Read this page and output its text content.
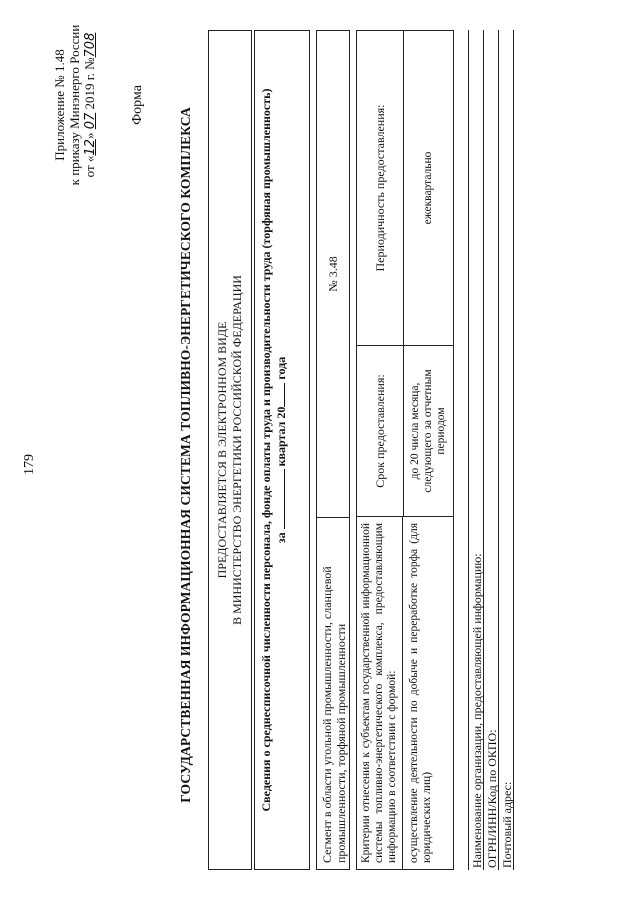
179
Приложение № 1.48 к приказу Минэнерго России от «12» 07 2019 г. №708
Форма
ГОСУДАРСТВЕННАЯ ИНФОРМАЦИОННАЯ СИСТЕМА ТОПЛИВНО-ЭНЕРГЕТИЧЕСКОГО КОМПЛЕКСА ПРЕДОСТАВЛЯЕТСЯ В ЭЛЕКТРОННОМ ВИДЕ В МИНИСТЕРСТВО ЭНЕРГЕТИКИ РОССИЙСКОЙ ФЕДЕРАЦИИ Сведения о среднесписочной численности персонала, фонде оплаты труда и производительности труда (торфяная промышленность) за  квартал 20 года
Сегмент в области угольной промышленности, сланцевой промышленности, торфяной промышленности
№ 3.48
Критерии отнесения к субъектам государственной информационной системы топливно-энергетического комплекса, предоставляющим информацию в соответствии с формой: осуществление деятельности по добыче и переработке торфа (для юридических лиц)
Срок предоставления:	до 20 числа месяца, следующего за отчетным периодом
Периодичность предоставления:	ежеквартально
Наименование организации, предоставляющей информацию: ОГРН/ИНН/Код по ОКПО: Почтовый адрес:
